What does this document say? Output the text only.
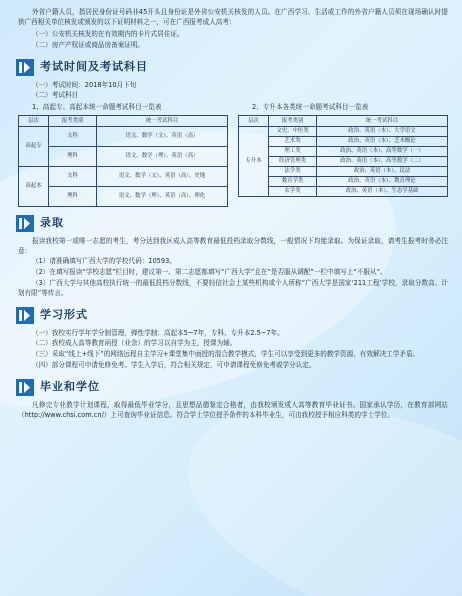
外省户籍人员，指居民身份证号码非45开头且身份证是外省公安机关核发的人员。在广西学习、生活或工作的外省户籍人员须在现场确认时提供广西相关单位核发或颁发的以下证明材料之一，可在广西报考成人高考：

（一）公安机关核发的在有效期内的卡片式居住证。

（二）房产产权证或商品房备案证明。

考试时间及考试科目

（一）考试时间：2018年10月下旬

（二）考试科目

1、高起专、高起本统一命题考试科目一览表
层次	报考类别	统一考试科目
高起专	文科	语文、数学（文）、英语（高）
	理科	语文、数学（理）、英语（高）
高起本	文科	语文、数学（文）、英语（高）、史地
	理科	语文、数学（理）、英语（高）、理化
2、专升本各类统一命题考试科目一览表
层次	报考类别	统一考试科目
专升本	文史、中医类	政治、英语（本）、大学语文
	艺术类	政治、英语（本）、艺术概论
	理工类	政治、英语（本）、高等数学（一）
	经济管理类	政治、英语（本）、高等数学（二）
	法学类	政治、英语（本）、民法
	教育学类	政治、英语（本）、教育理论
	农学类	政治、英语（本）、生态学基础
录取

报读我校第一或唯一志愿的考生，考分达到我区成人高等教育最低投档录取分数线，一般情况下均能录取。为保证录取，请考生报考时务必注意：

（1）请准确填写广西大学的学校代码：10593。

（2）在填写报读“学校志愿”栏目时，建议第一、第二志愿都填写“广西大学”且在“是否服从调配”一栏中填写上“不服从”。

（3）广西大学与其他高校执行统一的最低投档分数线，不要轻信社会上某些机构或个人所称“广西大学是国家‘211工程’学校，录取分数高、计划有限”等传言。

学习形式

（一）我校实行学年学分制管理，弹性学制：高起本5~7年，专科、专升本2.5~7年。

（二）我校成人高等教育函授（业余）的学习以自学为主，授课为辅。

（三）采取“线上+线下”的网络远程自主学习+课堂集中面授的混合教学模式，学生可以享受到更多的教学资源，有效解决工学矛盾。

（四）部分课程可申请免修免考。学生入学后，符合相关规定，可申请课程免修免考或学分认定。

毕业和学位

凡修完专业教学计划课程，取得最低毕业学分，且思想品德鉴定合格者，由我校颁发成人高等教育毕业证书。国家承认学历，在教育部网站（http://www.chsi.com.cn/）上可查询毕业证信息。符合学士学位授予条件的本科毕业生，可由我校授予相应科类的学士学位。
